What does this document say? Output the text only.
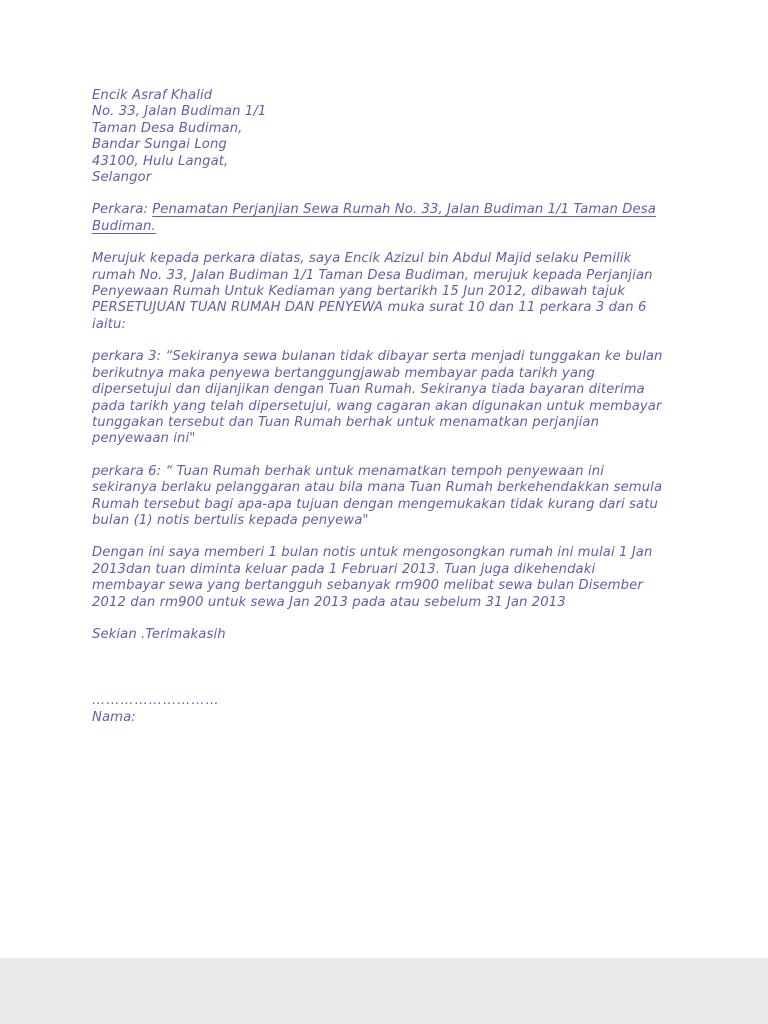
Encik Asraf Khalid
No. 33, Jalan Budiman 1/1
Taman Desa Budiman,
Bandar Sungai Long
43100, Hulu Langat,
Selangor
Perkara: Penamatan Perjanjian Sewa Rumah No. 33, Jalan Budiman 1/1 Taman Desa Budiman.
Merujuk kepada perkara diatas, saya Encik Azizul bin Abdul Majid selaku Pemilik rumah No. 33, Jalan Budiman 1/1 Taman Desa Budiman, merujuk kepada Perjanjian Penyewaan Rumah Untuk Kediaman yang bertarikh 15 Jun 2012, dibawah tajuk PERSETUJUAN TUAN RUMAH DAN PENYEWA muka surat 10 dan 11 perkara 3 dan 6 iaitu:
perkara 3: “Sekiranya sewa bulanan tidak dibayar serta menjadi tunggakan ke bulan berikutnya maka penyewa bertanggungjawab membayar pada tarikh yang dipersetujui dan dijanjikan dengan Tuan Rumah. Sekiranya tiada bayaran diterima pada tarikh yang telah dipersetujui, wang cagaran akan digunakan untuk membayar tunggakan tersebut dan Tuan Rumah berhak untuk menamatkan perjanjian penyewaan ini"
perkara 6: “ Tuan Rumah berhak untuk menamatkan tempoh penyewaan ini sekiranya berlaku pelanggaran atau bila mana Tuan Rumah berkehendakkan semula Rumah tersebut bagi apa-apa tujuan dengan mengemukakan tidak kurang dari satu bulan (1) notis bertulis kepada penyewa"
Dengan ini saya memberi 1 bulan notis untuk mengosongkan rumah ini mulai 1 Jan 2013dan tuan diminta keluar pada 1 Februari 2013. Tuan juga dikehendaki membayar sewa yang bertangguh sebanyak rm900 melibat sewa bulan Disember 2012 dan rm900 untuk sewa Jan 2013 pada atau sebelum 31 Jan 2013
Sekian .Terimakasih
………………………
Nama:
